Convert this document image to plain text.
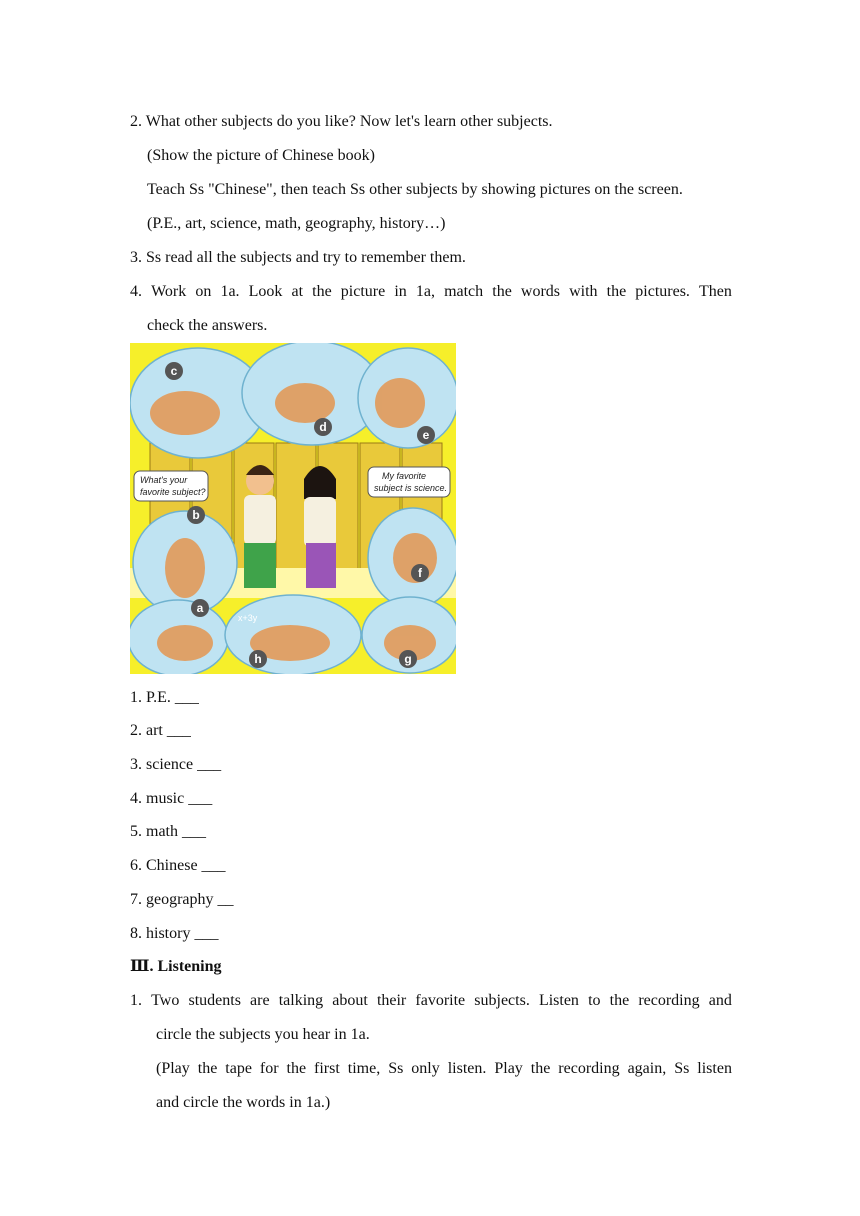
2. What other subjects do you like? Now let's learn other subjects.
(Show the picture of Chinese book)
Teach Ss "Chinese", then teach Ss other subjects by showing pictures on the screen.
(P.E., art, science, math, geography, history…)
3. Ss read all the subjects and try to remember them.
4. Work on 1a. Look at the picture in 1a, match the words with the pictures. Then
check the answers.
What's your
favorite subject?
My favorite
subject is science.
x+3y
a
b
c
d
e
f
g
h
1. P.E. ___
2. art ___
3. science ___
4. music ___
5. math ___
6. Chinese ___
7. geography __
8. history ___
Ⅲ. Listening
1. Two students are talking about their favorite subjects. Listen to the recording and
circle the subjects you hear in 1a.
(Play the tape for the first time, Ss only listen. Play the recording again, Ss listen
and circle the words in 1a.)
